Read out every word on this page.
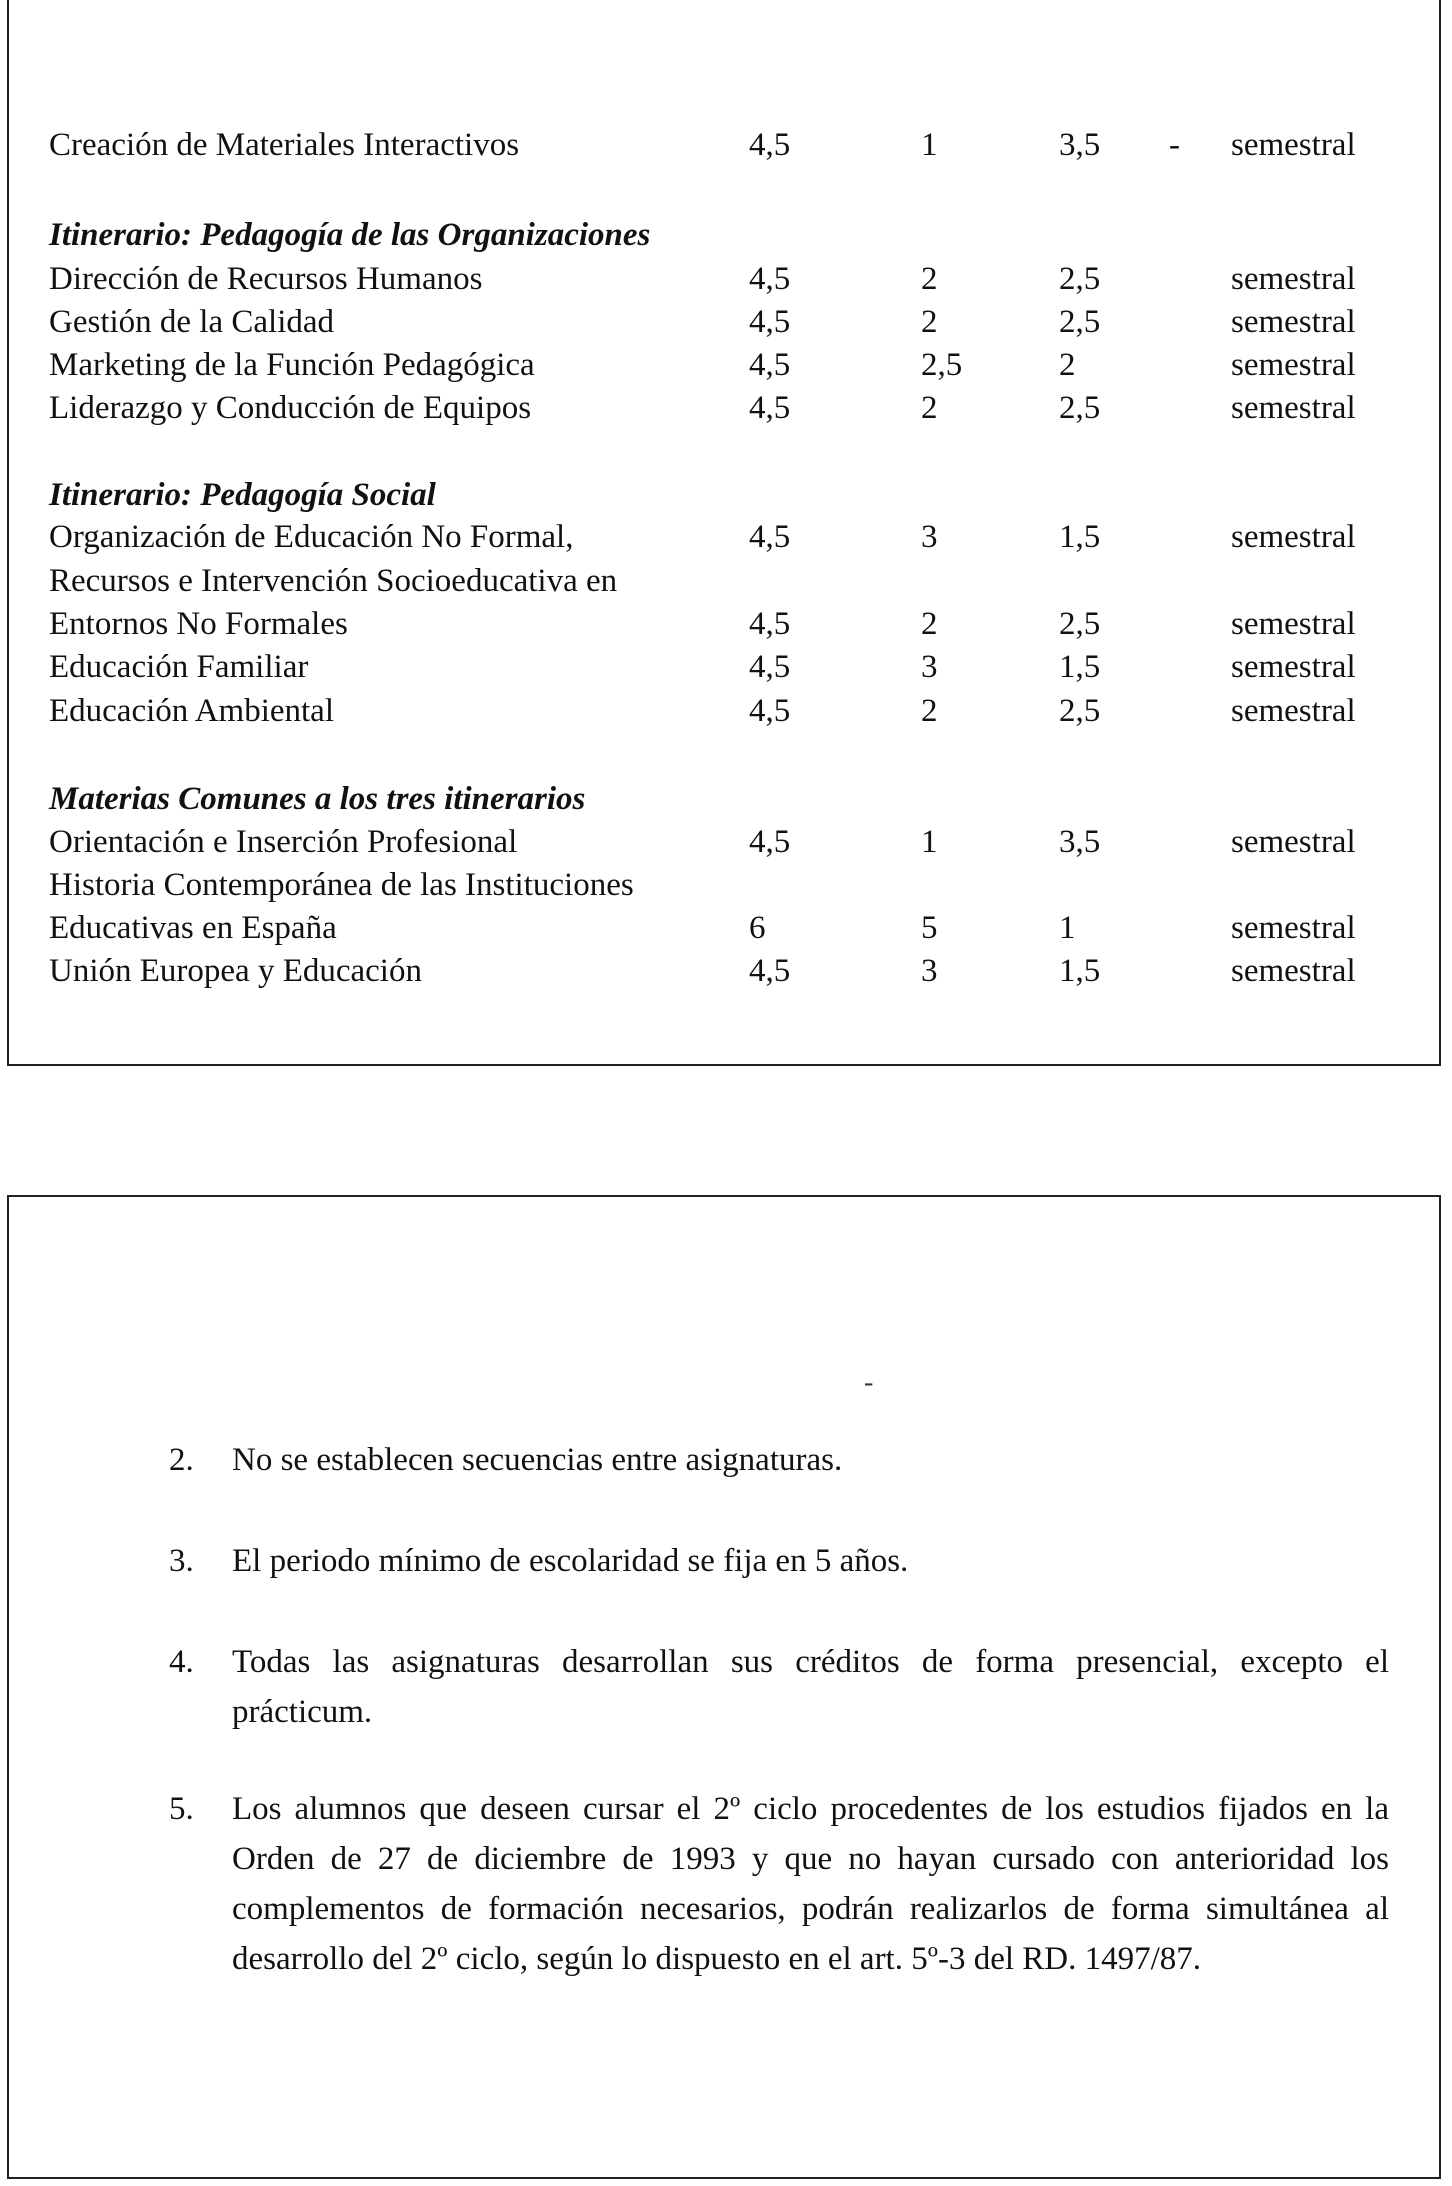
Creación de Materiales Interactivos	4,5	1	3,5 - semestral
Itinerario: Pedagogía de las Organizaciones
Dirección de Recursos Humanos	4,5	2	2,5	semestral
Gestión de la Calidad	4,5	2	2,5	semestral
Marketing de la Función Pedagógica	4,5	2,5	2	semestral
Liderazgo y Conducción de Equipos	4,5	2	2,5	semestral
Itinerario: Pedagogía Social
Organización de Educación No Formal,	4,5	3	1,5	semestral
Recursos e Intervención Socioeducativa en
Entornos No Formales	4,5	2	2,5	semestral
Educación Familiar	4,5	3	1,5	semestral
Educación Ambiental	4,5	2	2,5	semestral
Materias Comunes a los tres itinerarios
Orientación e Inserción Profesional	4,5	1	3,5	semestral
Historia Contemporánea de las Instituciones
Educativas en España	6	5	1	semestral
Unión Europea y Educación	4,5	3	1,5	semestral
-
2. No se establecen secuencias entre asignaturas.
3. El periodo mínimo de escolaridad se fija en 5 años.
4. Todas las asignaturas desarrollan sus créditos de forma presencial, excepto el prácticum.
5. Los alumnos que deseen cursar el 2º ciclo procedentes de los estudios fijados en la Orden de 27 de diciembre de 1993 y que no hayan cursado con anterioridad los complementos de formación necesarios, podrán realizarlos de forma simultánea al desarrollo del 2º ciclo, según lo dispuesto en el art. 5º-3 del RD. 1497/87.
